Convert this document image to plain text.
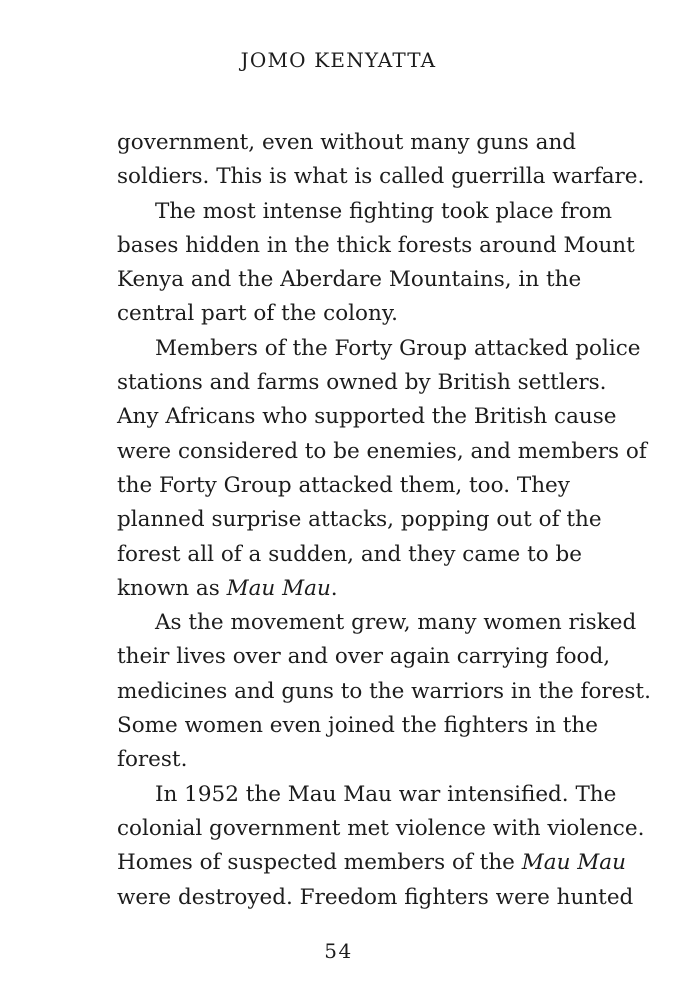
JOMO KENYATTA
government, even without many guns and
soldiers. This is what is called guerrilla warfare.
The most intense fighting took place from
bases hidden in the thick forests around Mount
Kenya and the Aberdare Mountains, in the
central part of the colony.
Members of the Forty Group attacked police
stations and farms owned by British settlers.
Any Africans who supported the British cause
were considered to be enemies, and members of
the Forty Group attacked them, too. They
planned surprise attacks, popping out of the
forest all of a sudden, and they came to be
known as Mau Mau.
As the movement grew, many women risked
their lives over and over again carrying food,
medicines and guns to the warriors in the forest.
Some women even joined the fighters in the
forest.
In 1952 the Mau Mau war intensified. The
colonial government met violence with violence.
Homes of suspected members of the Mau Mau
were destroyed. Freedom fighters were hunted
54
